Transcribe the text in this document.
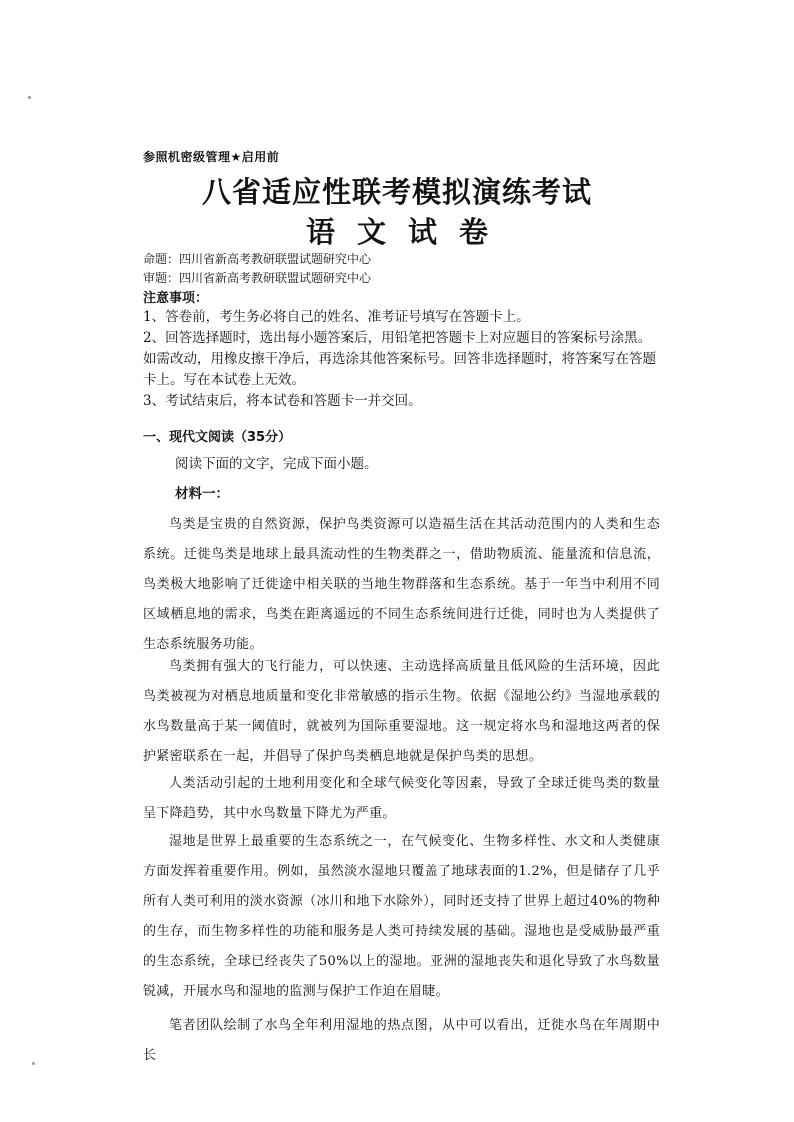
参照机密级管理★启用前
八省适应性联考模拟演练考试
语 文 试 卷
命题：四川省新高考教研联盟试题研究中心
审题：四川省新高考教研联盟试题研究中心
注意事项：
1、答卷前，考生务必将自己的姓名、准考证号填写在答题卡上。
2、回答选择题时，选出每小题答案后，用铅笔把答题卡上对应题目的答案标号涂黑。如需改动，用橡皮擦干净后，再选涂其他答案标号。回答非选择题时，将答案写在答题卡上。写在本试卷上无效。
3、考试结束后，将本试卷和答题卡一并交回。
一、现代文阅读（35分）
阅读下面的文字，完成下面小题。
材料一：
鸟类是宝贵的自然资源，保护鸟类资源可以造福生活在其活动范围内的人类和生态系统。迁徙鸟类是地球上最具流动性的生物类群之一，借助物质流、能量流和信息流，鸟类极大地影响了迁徙途中相关联的当地生物群落和生态系统。基于一年当中利用不同区域栖息地的需求，鸟类在距离遥远的不同生态系统间进行迁徙，同时也为人类提供了生态系统服务功能。
鸟类拥有强大的飞行能力，可以快速、主动选择高质量且低风险的生活环境，因此鸟类被视为对栖息地质量和变化非常敏感的指示生物。依据《湿地公约》当湿地承载的水鸟数量高于某一阈值时，就被列为国际重要湿地。这一规定将水鸟和湿地这两者的保护紧密联系在一起，并倡导了保护鸟类栖息地就是保护鸟类的思想。
人类活动引起的土地利用变化和全球气候变化等因素，导致了全球迁徙鸟类的数量呈下降趋势，其中水鸟数量下降尤为严重。
湿地是世界上最重要的生态系统之一，在气候变化、生物多样性、水文和人类健康方面发挥着重要作用。例如，虽然淡水湿地只覆盖了地球表面的1.2%，但是储存了几乎所有人类可利用的淡水资源（冰川和地下水除外），同时还支持了世界上超过40%的物种的生存，而生物多样性的功能和服务是人类可持续发展的基础。湿地也是受威胁最严重的生态系统，全球已经丧失了50%以上的湿地。亚洲的湿地丧失和退化导致了水鸟数量锐减，开展水鸟和湿地的监测与保护工作迫在眉睫。
笔者团队绘制了水鸟全年利用湿地的热点图，从中可以看出，迁徙水鸟在年周期中长
